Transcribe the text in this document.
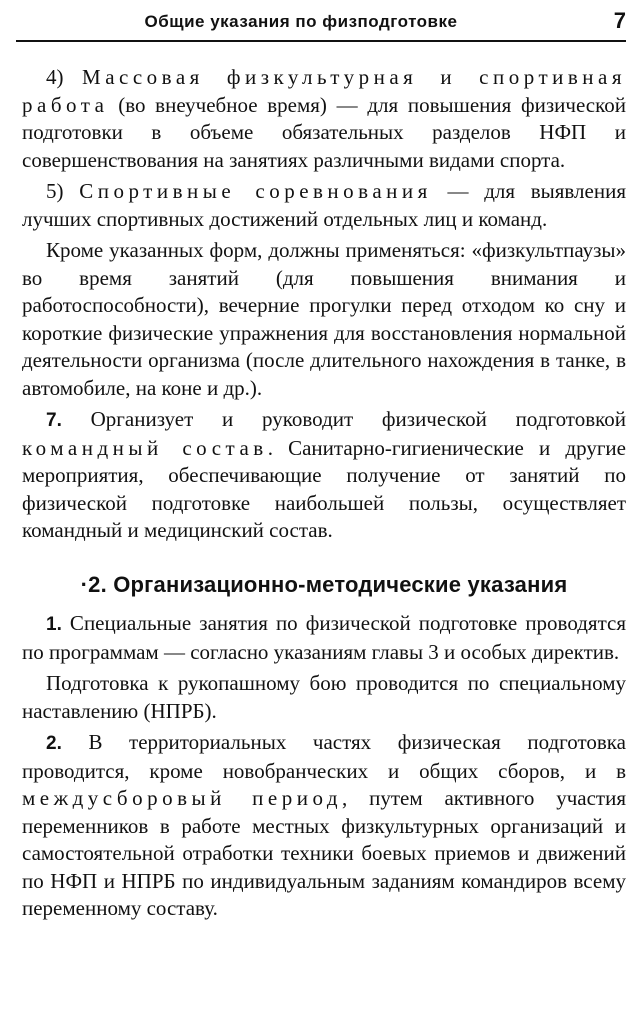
Общие указания по физподготовке	7

4) Массовая физкультурная и спортивная работа (во внеучебное время) — для повышения физической подготовки в объеме обязательных разделов НФП и совершенствования на занятиях различными видами спорта.

5) Спортивные соревнования — для выявления лучших спортивных достижений отдельных лиц и команд.

Кроме указанных форм, должны применяться: «физкультпаузы» во время занятий (для повышения внимания и работоспособности), вечерние прогулки перед отходом ко сну и короткие физические упражнения для восстановления нормальной деятельности организма (после длительного нахождения в танке, в автомобиле, на коне и др.).

7. Организует и руководит физической подготовкой командный состав. Санитарно-гигиенические и другие мероприятия, обеспечивающие получение от занятий по физической подготовке наибольшей пользы, осуществляет командный и медицинский состав.

·2. Организационно-методические указания

1. Специальные занятия по физической подготовке проводятся по программам — согласно указаниям главы 3 и особых директив.

Подготовка к рукопашному бою проводится по специальному наставлению (НПРБ).

2. В территориальных частях физическая подготовка проводится, кроме новобранческих и общих сборов, и в междусборовый период, путем активного участия переменников в работе местных физкультурных организаций и самостоятельной отработки техники боевых приемов и движений по НФП и НПРБ по индивидуальным заданиям командиров всему переменному составу.
